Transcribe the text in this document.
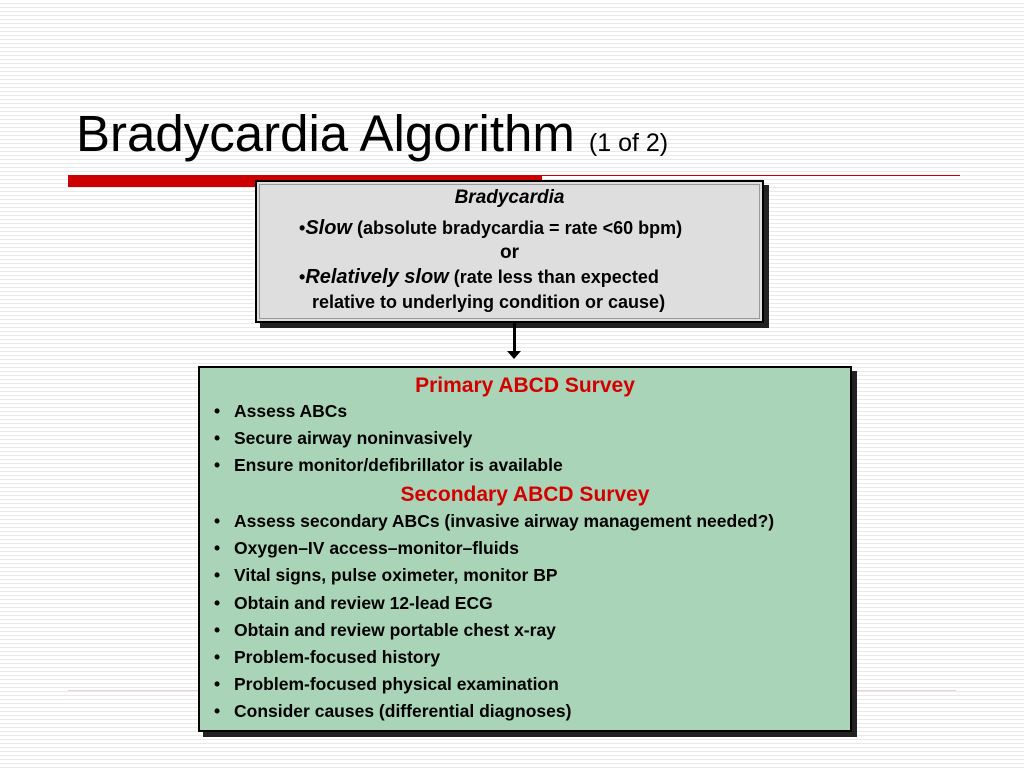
Bradycardia Algorithm (1 of 2)
Bradycardia
•Slow (absolute bradycardia = rate <60 bpm)
or
•Relatively slow (rate less than expected
relative to underlying condition or cause)
Primary ABCD Survey
• Assess ABCs
• Secure airway noninvasively
• Ensure monitor/defibrillator is available
Secondary ABCD Survey
• Assess secondary ABCs (invasive airway management needed?)
• Oxygen–IV access–monitor–fluids
• Vital signs, pulse oximeter, monitor BP
• Obtain and review 12-lead ECG
• Obtain and review portable chest x-ray
• Problem-focused history
• Problem-focused physical examination
• Consider causes (differential diagnoses)
